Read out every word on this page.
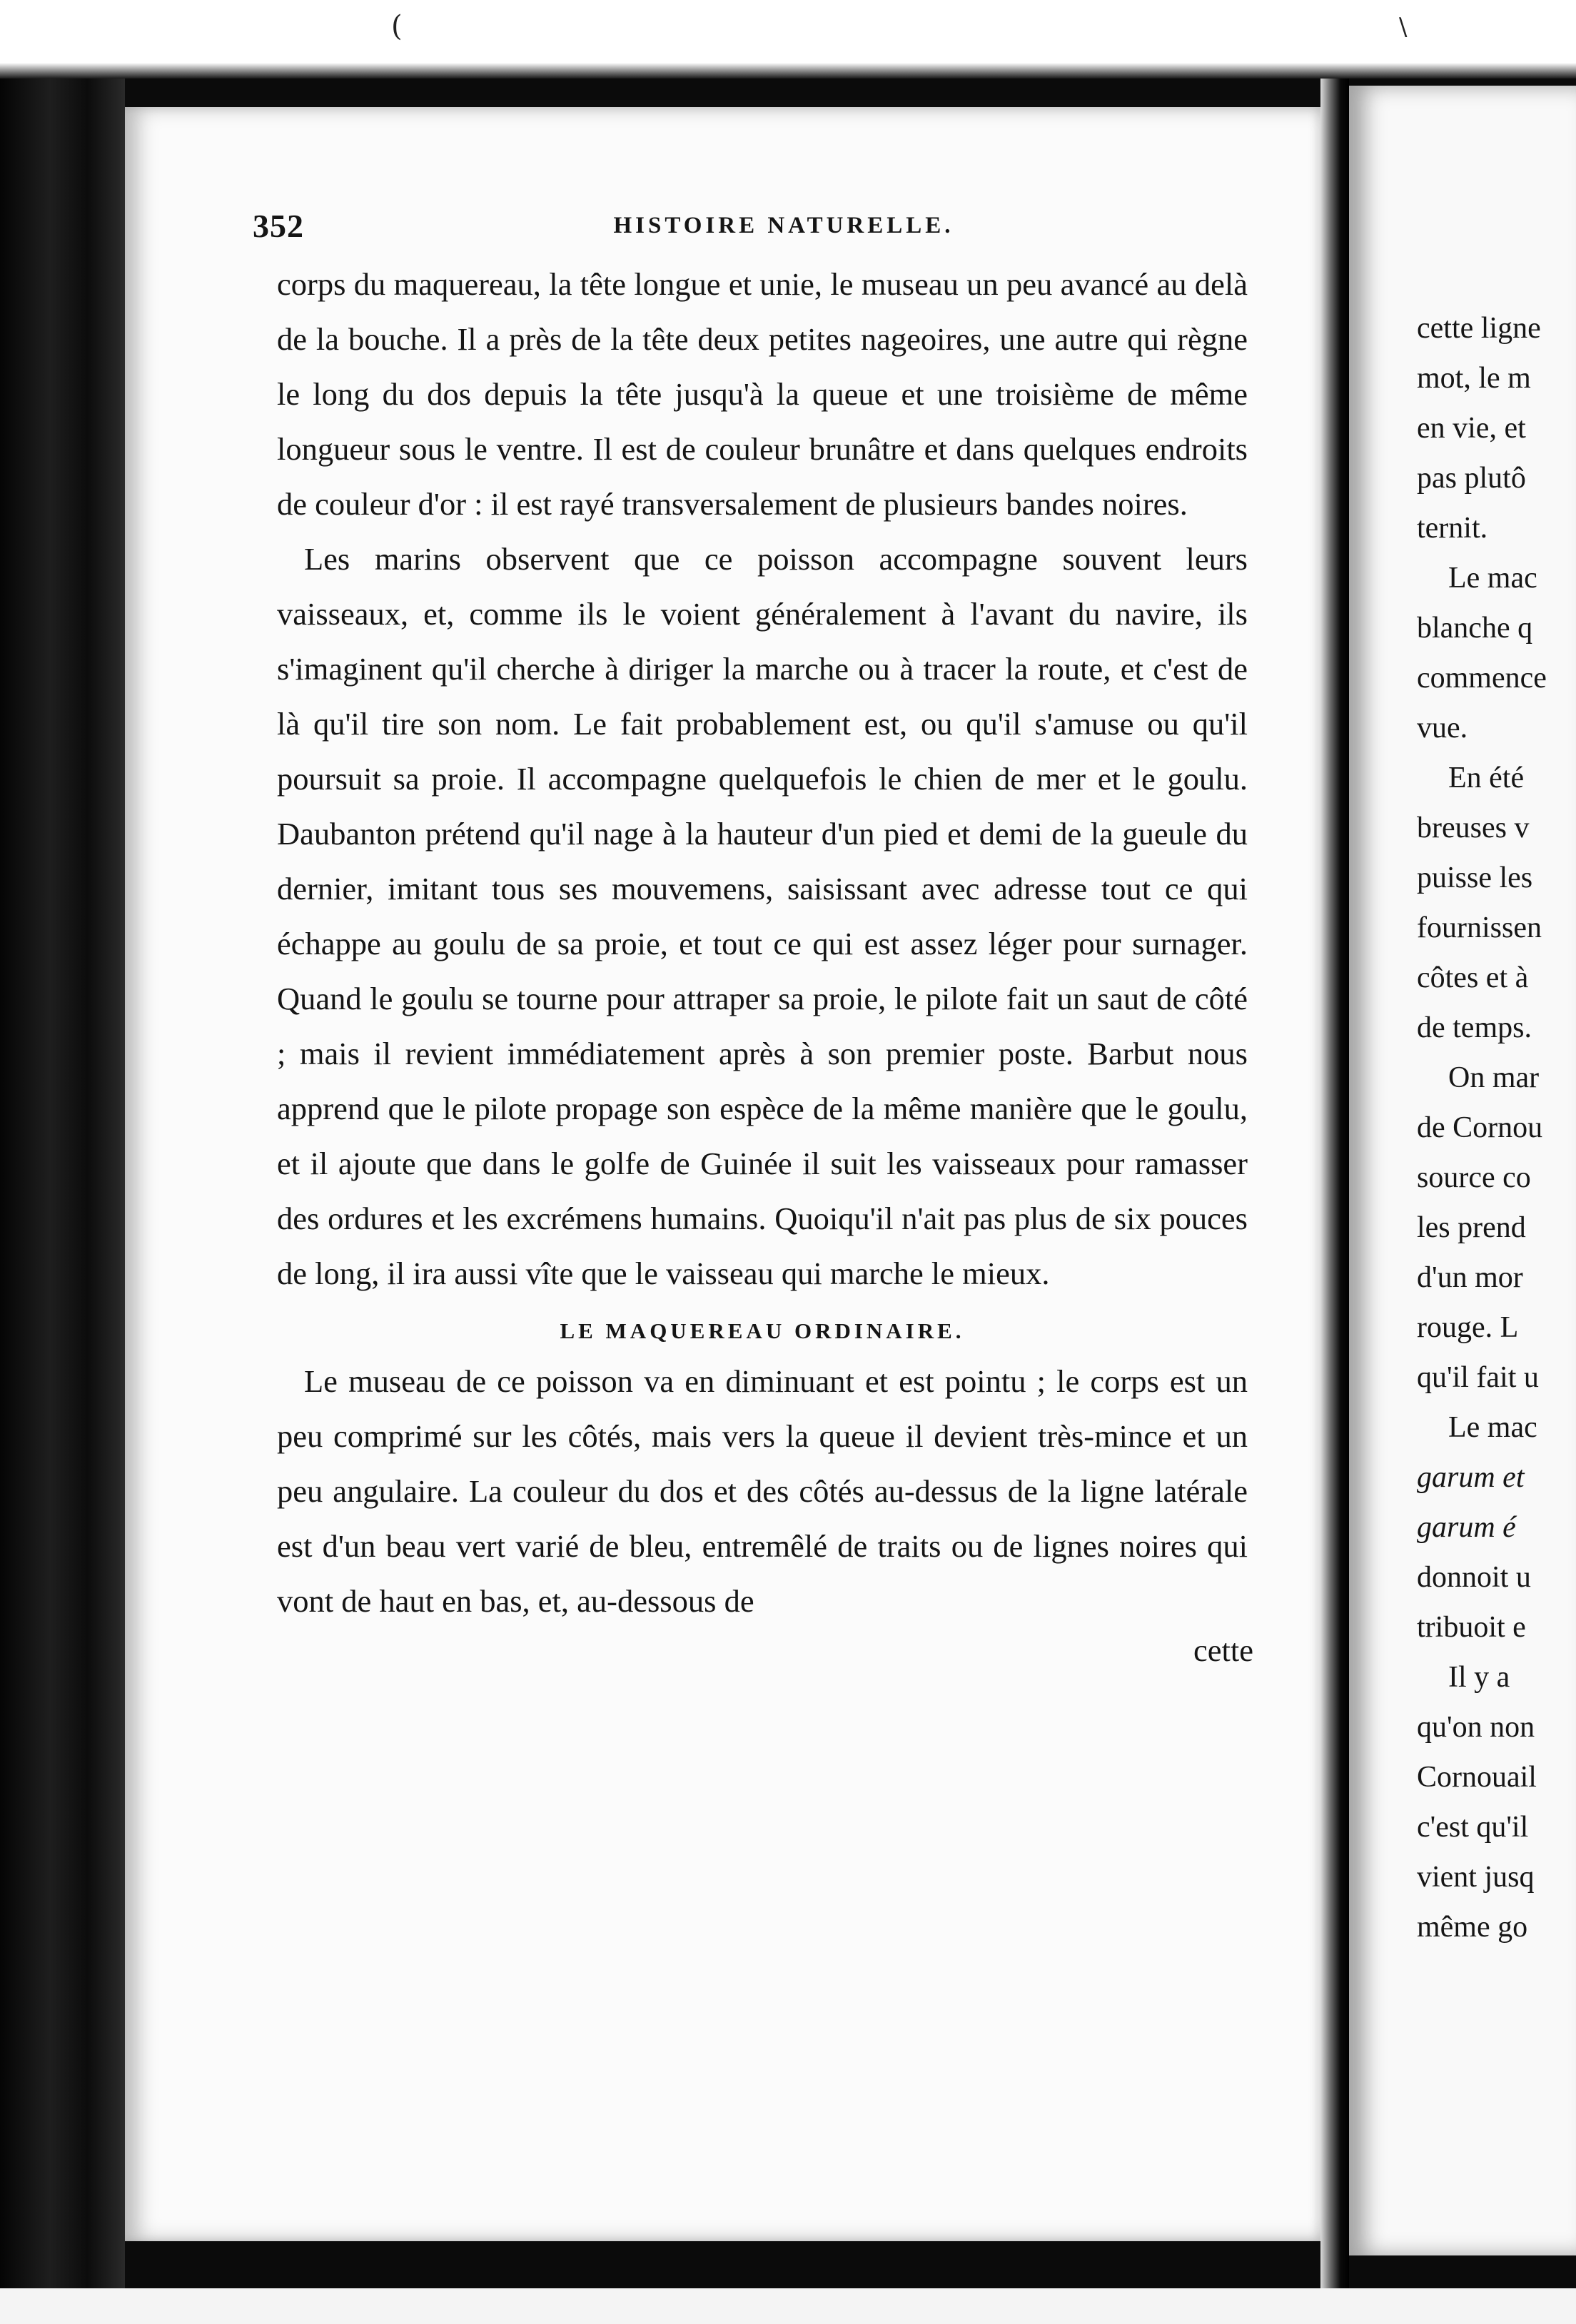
(	\
352	HISTOIRE NATURELLE.

corps du maquereau, la tête longue et unie, le museau un peu avancé au delà de la bouche. Il a près de la tête deux petites nageoires, une autre qui règne le long du dos depuis la tête jusqu'à la queue et une troisième de même longueur sous le ventre. Il est de couleur brunâtre et dans quelques endroits de couleur d'or : il est rayé transversalement de plusieurs bandes noires.

Les marins observent que ce poisson accompagne souvent leurs vaisseaux, et, comme ils le voient généralement à l'avant du navire, ils s'imaginent qu'il cherche à diriger la marche ou à tracer la route, et c'est de là qu'il tire son nom. Le fait probablement est, ou qu'il s'amuse ou qu'il poursuit sa proie. Il accompagne quelquefois le chien de mer et le goulu. Daubanton prétend qu'il nage à la hauteur d'un pied et demi de la gueule du dernier, imitant tous ses mouvemens, saisissant avec adresse tout ce qui échappe au goulu de sa proie, et tout ce qui est assez léger pour surnager. Quand le goulu se tourne pour attraper sa proie, le pilote fait un saut de côté ; mais il revient immédiatement après à son premier poste. Barbut nous apprend que le pilote propage son espèce de la même manière que le goulu, et il ajoute que dans le golfe de Guinée il suit les vaisseaux pour ramasser des ordures et les excrémens humains. Quoiqu'il n'ait pas plus de six pouces de long, il ira aussi vîte que le vaisseau qui marche le mieux.

LE MAQUEREAU ORDINAIRE.

Le museau de ce poisson va en diminuant et est pointu ; le corps est un peu comprimé sur les côtés, mais vers la queue il devient très-mince et un peu angulaire. La couleur du dos et des côtés au-dessus de la ligne latérale est d'un beau vert varié de bleu, entremêlé de traits ou de lignes noires qui vont de haut en bas, et, au-dessous de

cette
cette ligne
mot, le m
en vie, et
pas plutô
ternit.
Le mac
blanche q
commence
vue.
En été
breuses v
puisse les
fournissen
côtes et à
de temps.
On mar
de Cornou
source co
les prend
d'un mor
rouge. L
qu'il fait u
Le mac
garum et
garum é
donnoit u
tribuoit e
Il y a
qu'on non
Cornouail
c'est qu'il
vient jusq
même go
